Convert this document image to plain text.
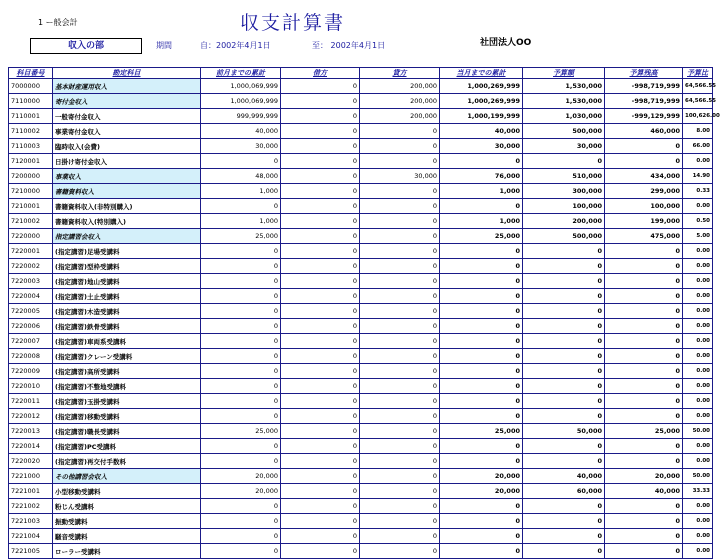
1 ー般会計	収支計算書
収入の部	期間	自：2002年4月1日	至： 2002年4月1日	社団法人OO
科目番号	勘定科目	前月までの累計	借方	貸方	当月までの累計	予算額	予算残高	予算比
7000000	基本財産運用収入	1,000,069,999	0	200,000	1,000,269,999	1,530,000	-998,719,999	64,566.55
7110000	寄付金収入	1,000,069,999	0	200,000	1,000,269,999	1,530,000	-998,719,999	64,566.55
7110001	一般寄付金収入	999,999,999	0	200,000	1,000,199,999	1,030,000	-999,129,999	100,626.00
7110002	事業寄付金収入	40,000	0	0	40,000	500,000	460,000	8.00
7110003	臨時収入(会費)	30,000	0	0	30,000	30,000	0	66.00
7120001	日掛け寄付金収入	0	0	0	0	0	0	0.00
7200000	事業収入	48,000	0	30,000	76,000	510,000	434,000	14.90
7210000	書籍資料収入	1,000	0	0	1,000	300,000	299,000	0.33
7210001	書籍資料収入(非特別購入)	0	0	0	0	100,000	100,000	0.00
7210002	書籍資料収入(特別購入)	1,000	0	0	1,000	200,000	199,000	0.50
7220000	指定講習会収入	25,000	0	0	25,000	500,000	475,000	5.00
7220001	(指定講習)足場受講料	0	0	0	0	0	0	0.00
7220002	(指定講習)型枠受講料	0	0	0	0	0	0	0.00
7220003	(指定講習)地山受講料	0	0	0	0	0	0	0.00
7220004	(指定講習)土止受講料	0	0	0	0	0	0	0.00
7220005	(指定講習)木造受講料	0	0	0	0	0	0	0.00
7220006	(指定講習)鉄骨受講料	0	0	0	0	0	0	0.00
7220007	(指定講習)車両系受講料	0	0	0	0	0	0	0.00
7220008	(指定講習)クレーン受講料	0	0	0	0	0	0	0.00
7220009	(指定講習)高所受講料	0	0	0	0	0	0	0.00
7220010	(指定講習)不整地受講料	0	0	0	0	0	0	0.00
7220011	(指定講習)玉掛受講料	0	0	0	0	0	0	0.00
7220012	(指定講習)移動受講料	0	0	0	0	0	0	0.00
7220013	(指定講習)職長受講料	25,000	0	0	25,000	50,000	25,000	50.00
7220014	(指定講習)PC受講料	0	0	0	0	0	0	0.00
7220020	(指定講習)再交付手数料	0	0	0	0	0	0	0.00
7221000	その他講習会収入	20,000	0	0	20,000	40,000	20,000	50.00
7221001	小型移動受講料	20,000	0	0	20,000	60,000	40,000	33.33
7221002	粉じん受講料	0	0	0	0	0	0	0.00
7221003	振動受講料	0	0	0	0	0	0	0.00
7221004	騒音受講料	0	0	0	0	0	0	0.00
7221005	ローラー受講料	0	0	0	0	0	0	0.00
